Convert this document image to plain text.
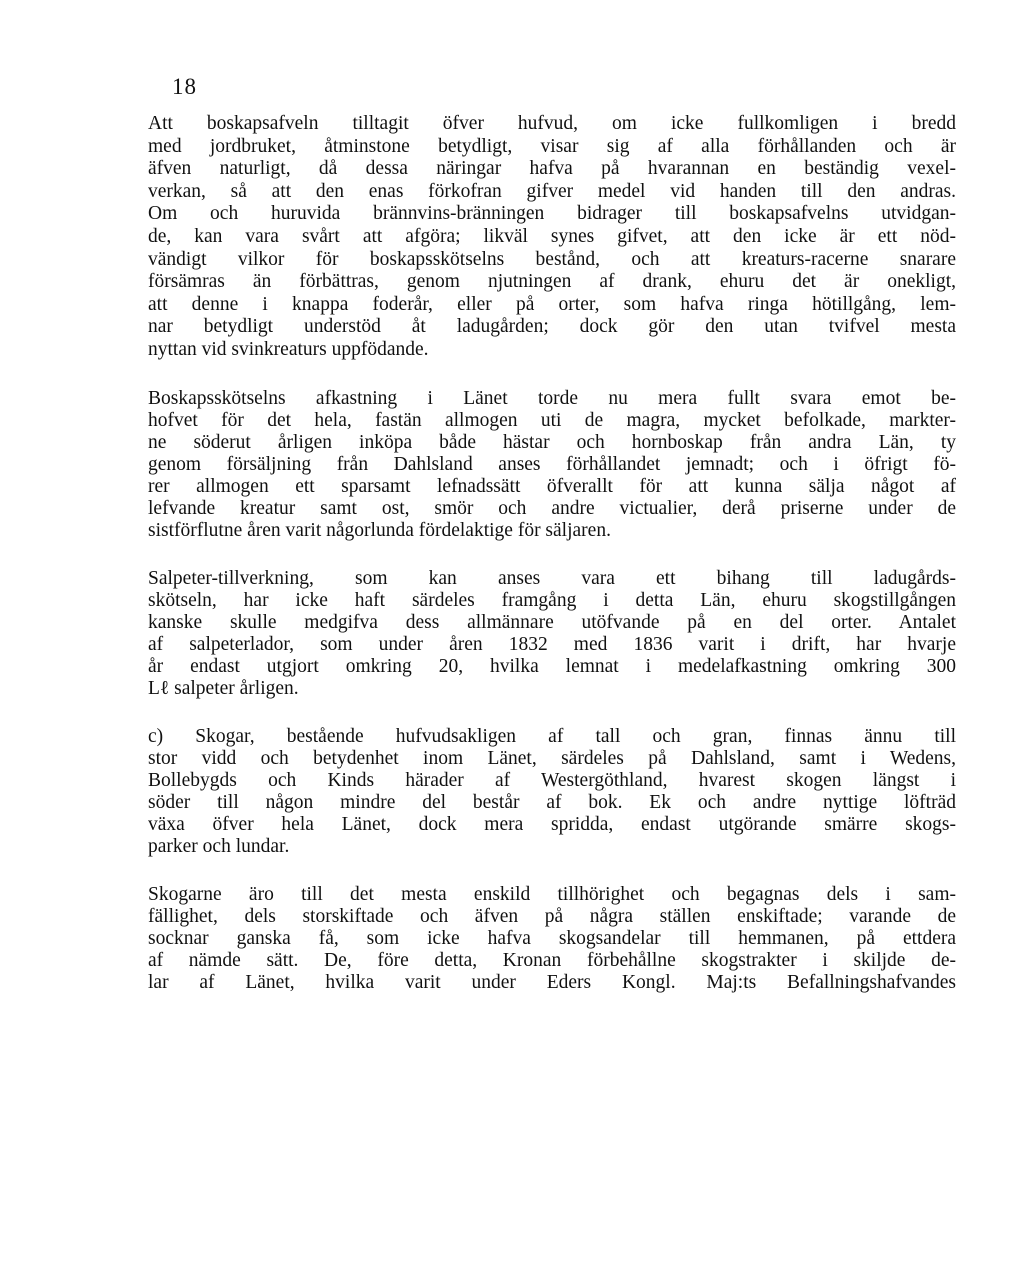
18
Att boskapsafveln tilltagit öfver hufvud, om icke fullkomligen i bredd
med jordbruket, åtminstone betydligt, visar sig af alla förhållanden och är
äfven naturligt, då dessa näringar hafva på hvarannan en beständig vexel-
verkan, så att den enas förkofran gifver medel vid handen till den andras.
Om och huruvida brännvins-bränningen bidrager till boskapsafvelns utvidgan-
de, kan vara svårt att afgöra; likväl synes gifvet, att den icke är ett nöd-
vändigt vilkor för boskapsskötselns bestånd, och att kreaturs-racerne snarare
försämras än förbättras, genom njutningen af drank, ehuru det är onekligt,
att denne i knappa foderår, eller på orter, som hafva ringa hötillgång, lem-
nar betydligt understöd åt ladugården; dock gör den utan tvifvel mesta
nyttan vid svinkreaturs uppfödande.
Boskapsskötselns afkastning i Länet torde nu mera fullt svara emot be-
hofvet för det hela, fastän allmogen uti de magra, mycket befolkade, markter-
ne söderut årligen inköpa både hästar och hornboskap från andra Län, ty
genom försäljning från Dahlsland anses förhållandet jemnadt; och i öfrigt fö-
rer allmogen ett sparsamt lefnadssätt öfverallt för att kunna sälja något af
lefvande kreatur samt ost, smör och andre victualier, derå priserne under de
sistförflutne åren varit någorlunda fördelaktige för säljaren.
Salpeter-tillverkning, som kan anses vara ett bihang till ladugårds-
skötseln, har icke haft särdeles framgång i detta Län, ehuru skogstillgången
kanske skulle medgifva dess allmännare utöfvande på en del orter. Antalet
af salpeterlador, som under åren 1832 med 1836 varit i drift, har hvarje
år endast utgjort omkring 20, hvilka lemnat i medelafkastning omkring 300
Lℓ salpeter årligen.
c) Skogar, bestående hufvudsakligen af tall och gran, finnas ännu till
stor vidd och betydenhet inom Länet, särdeles på Dahlsland, samt i Wedens,
Bollebygds och Kinds härader af Westergöthland, hvarest skogen längst i
söder till någon mindre del består af bok. Ek och andre nyttige löfträd
växa öfver hela Länet, dock mera spridda, endast utgörande smärre skogs-
parker och lundar.
Skogarne äro till det mesta enskild tillhörighet och begagnas dels i sam-
fällighet, dels storskiftade och äfven på några ställen enskiftade; varande de
socknar ganska få, som icke hafva skogsandelar till hemmanen, på ettdera
af nämde sätt. De, före detta, Kronan förbehållne skogstrakter i skiljde de-
lar af Länet, hvilka varit under Eders Kongl. Maj:ts Befallningshafvandes
